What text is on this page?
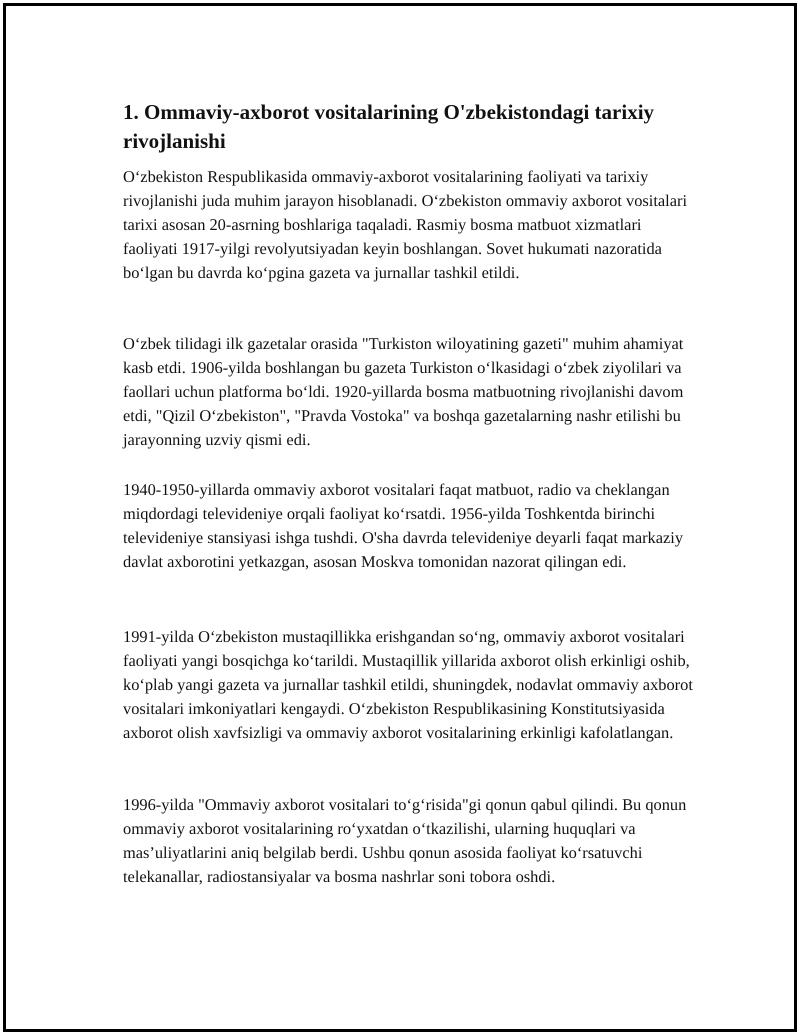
1. Ommaviy-axborot vositalarining O'zbekistondagi tarixiy rivojlanishi

O‘zbekiston Respublikasida ommaviy-axborot vositalarining faoliyati va tarixiy rivojlanishi juda muhim jarayon hisoblanadi. O‘zbekiston ommaviy axborot vositalari tarixi asosan 20-asrning boshlariga taqaladi. Rasmiy bosma matbuot xizmatlari faoliyati 1917-yilgi revolyutsiyadan keyin boshlangan. Sovet hukumati nazoratida bo‘lgan bu davrda ko‘pgina gazeta va jurnallar tashkil etildi.

O‘zbek tilidagi ilk gazetalar orasida "Turkiston wiloyatining gazeti" muhim ahamiyat kasb etdi. 1906-yilda boshlangan bu gazeta Turkiston o‘lkasidagi o‘zbek ziyolilari va faollari uchun platforma bo‘ldi. 1920-yillarda bosma matbuotning rivojlanishi davom etdi, "Qizil O‘zbekiston", "Pravda Vostoka" va boshqa gazetalarning nashr etilishi bu jarayonning uzviy qismi edi.

1940-1950-yillarda ommaviy axborot vositalari faqat matbuot, radio va cheklangan miqdordagi televideniye orqali faoliyat ko‘rsatdi. 1956-yilda Toshkentda birinchi televideniye stansiyasi ishga tushdi. O'sha davrda televideniye deyarli faqat markaziy davlat axborotini yetkazgan, asosan Moskva tomonidan nazorat qilingan edi.

1991-yilda O‘zbekiston mustaqillikka erishgandan so‘ng, ommaviy axborot vositalari faoliyati yangi bosqichga ko‘tarildi. Mustaqillik yillarida axborot olish erkinligi oshib, ko‘plab yangi gazeta va jurnallar tashkil etildi, shuningdek, nodavlat ommaviy axborot vositalari imkoniyatlari kengaydi. O‘zbekiston Respublikasining Konstitutsiyasida axborot olish xavfsizligi va ommaviy axborot vositalarining erkinligi kafolatlangan.

1996-yilda "Ommaviy axborot vositalari to‘g‘risida"gi qonun qabul qilindi. Bu qonun ommaviy axborot vositalarining ro‘yxatdan o‘tkazilishi, ularning huquqlari va mas’uliyatlarini aniq belgilab berdi. Ushbu qonun asosida faoliyat ko‘rsatuvchi telekanallar, radiostansiyalar va bosma nashrlar soni tobora oshdi.
